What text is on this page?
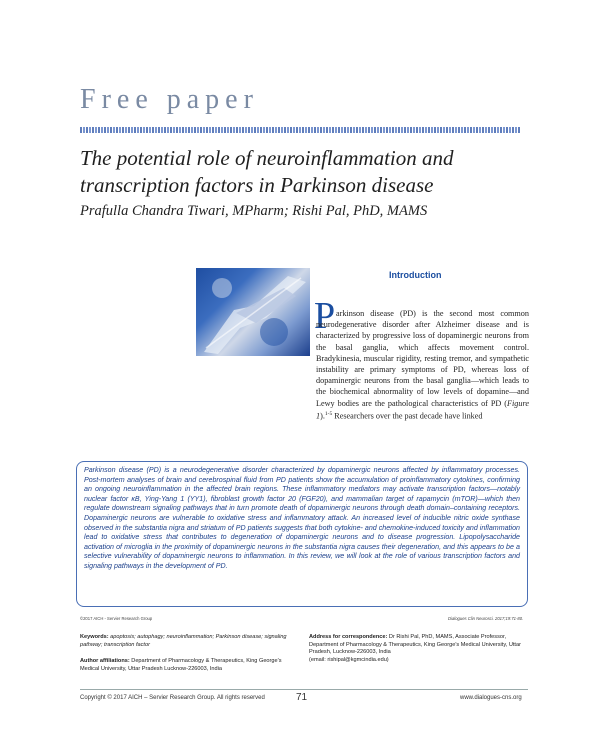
Free paper
The potential role of neuroinflammation and transcription factors in Parkinson disease
Prafulla Chandra Tiwari, MPharm; Rishi Pal, PhD, MAMS
Introduction
P arkinson disease (PD) is the second most common neurodegenerative disorder after Alzheimer disease and is characterized by progressive loss of dopaminergic neurons from the basal ganglia, which affects movement control. Bradykinesia, muscular rigidity, resting tremor, and sympathetic instability are primary symptoms of PD, whereas loss of dopaminergic neurons from the basal ganglia—which leads to the biochemical abnormality of low levels of dopamine—and Lewy bodies are the pathological characteristics of PD (Figure 1).$^{1-5}$ Researchers over the past decade have linked
Parkinson disease (PD) is a neurodegenerative disorder characterized by dopaminergic neurons affected by inflammatory processes. Post-mortem analyses of brain and cerebrospinal fluid from PD patients show the accumulation of proinflammatory cytokines, confirming an ongoing neuroinflammation in the affected brain regions. These inflammatory mediators may activate transcription factors—notably nuclear factor κB, Ying-Yang 1 (YY1), fibroblast growth factor 20 (FGF20), and mammalian target of rapamycin (mTOR)—which then regulate downstream signaling pathways that in turn promote death of dopaminergic neurons through death domain–containing receptors. Dopaminergic neurons are vulnerable to oxidative stress and inflammatory attack. An increased level of inducible nitric oxide synthase observed in the substantia nigra and striatum of PD patients suggests that both cytokine- and chemokine-induced toxicity and inflammation lead to oxidative stress that contributes to degeneration of dopaminergic neurons and to disease progression. Lipopolysaccharide activation of microglia in the proximity of dopaminergic neurons in the substantia nigra causes their degeneration, and this appears to be a selective vulnerability of dopaminergic neurons to inflammation. In this review, we will look at the role of various transcription factors and signaling pathways in the development of PD.
©2017 AICH - Servier Research Group	Dialogues Clin Neurosci. 2017;19:71-80.
Keywords: apoptosis; autophagy; neuroinflammation; Parkinson disease; signaling pathway; transcription factor
Author affiliations: Department of Pharmacology & Therapeutics, King George's Medical University, Uttar Pradesh Lucknow-226003, India
Address for correspondence: Dr Rishi Pal, PhD, MAMS, Associate Professor, Department of Pharmacology & Therapeutics, King George's Medical University, Uttar Pradesh, Lucknow-226003, India
(email: rishipal@kgmcindia.edu)
Copyright © 2017 AICH – Servier Research Group. All rights reserved	71	www.dialogues-cns.org
